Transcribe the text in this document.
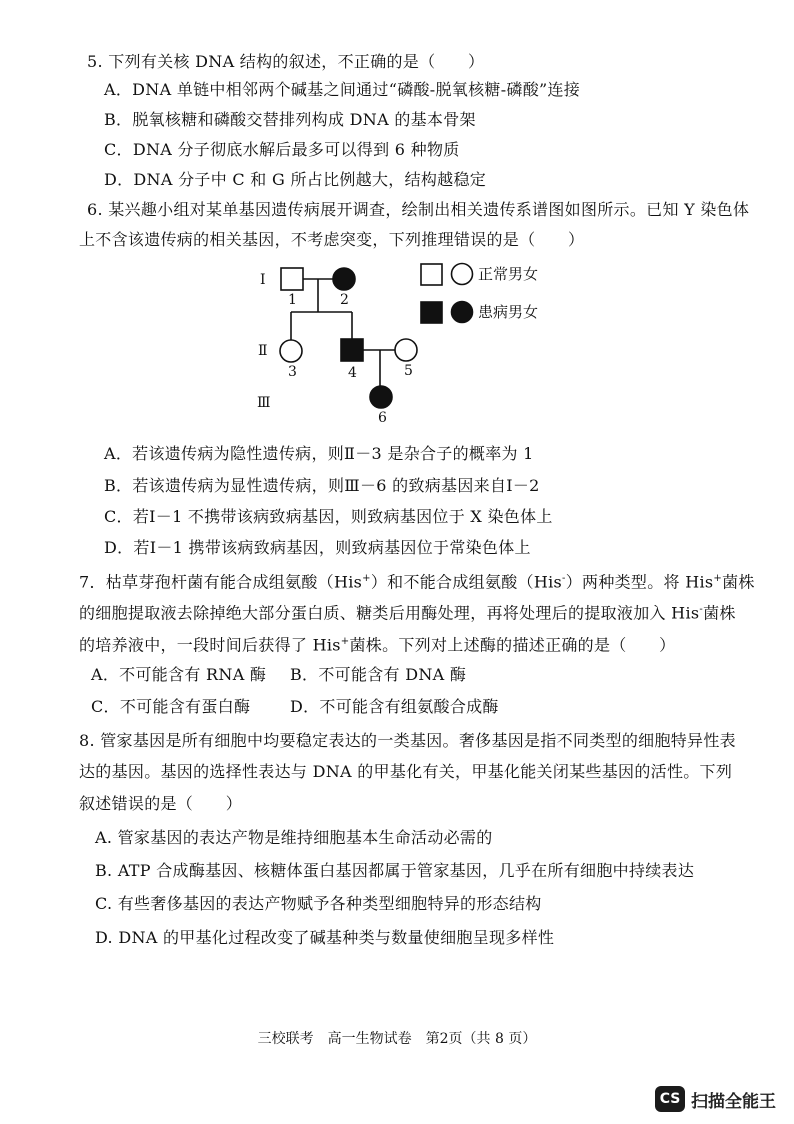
5. 下列有关核 DNA 结构的叙述，不正确的是（　　）
A．DNA 单链中相邻两个碱基之间通过“磷酸-脱氧核糖-磷酸”连接
B．脱氧核糖和磷酸交替排列构成 DNA 的基本骨架
C．DNA 分子彻底水解后最多可以得到 6 种物质
D．DNA 分子中 C 和 G 所占比例越大，结构越稳定
6. 某兴趣小组对某单基因遗传病展开调查，绘制出相关遗传系谱图如图所示。已知 Y 染色体
上不含该遗传病的相关基因，不考虑突变，下列推理错误的是（　　）
Ⅰ
Ⅱ
Ⅲ
1	2
3	4	5
6
正常男女
患病男女
A．若该遗传病为隐性遗传病，则Ⅱ－3 是杂合子的概率为 1
B．若该遗传病为显性遗传病，则Ⅲ－6 的致病基因来自Ⅰ－2
C．若Ⅰ－1 不携带该病致病基因，则致病基因位于 X 染色体上
D．若Ⅰ－1 携带该病致病基因，则致病基因位于常染色体上
7．枯草芽孢杆菌有能合成组氨酸（His+）和不能合成组氨酸（His-）两种类型。将 His+菌株
的细胞提取液去除掉绝大部分蛋白质、糖类后用酶处理，再将处理后的提取液加入 His-菌株
的培养液中，一段时间后获得了 His+菌株。下列对上述酶的描述正确的是（　　）
A．不可能含有 RNA 酶 B．不可能含有 DNA 酶
C．不可能含有蛋白酶 D．不可能含有组氨酸合成酶
8. 管家基因是所有细胞中均要稳定表达的一类基因。奢侈基因是指不同类型的细胞特异性表
达的基因。基因的选择性表达与 DNA 的甲基化有关，甲基化能关闭某些基因的活性。下列
叙述错误的是（　　）
A. 管家基因的表达产物是维持细胞基本生命活动必需的
B. ATP 合成酶基因、核糖体蛋白基因都属于管家基因，几乎在所有细胞中持续表达
C. 有些奢侈基因的表达产物赋予各种类型细胞特异的形态结构
D. DNA 的甲基化过程改变了碱基种类与数量使细胞呈现多样性
三校联考　高一生物试卷　第2页（共 8 页）
CS 扫描全能王
